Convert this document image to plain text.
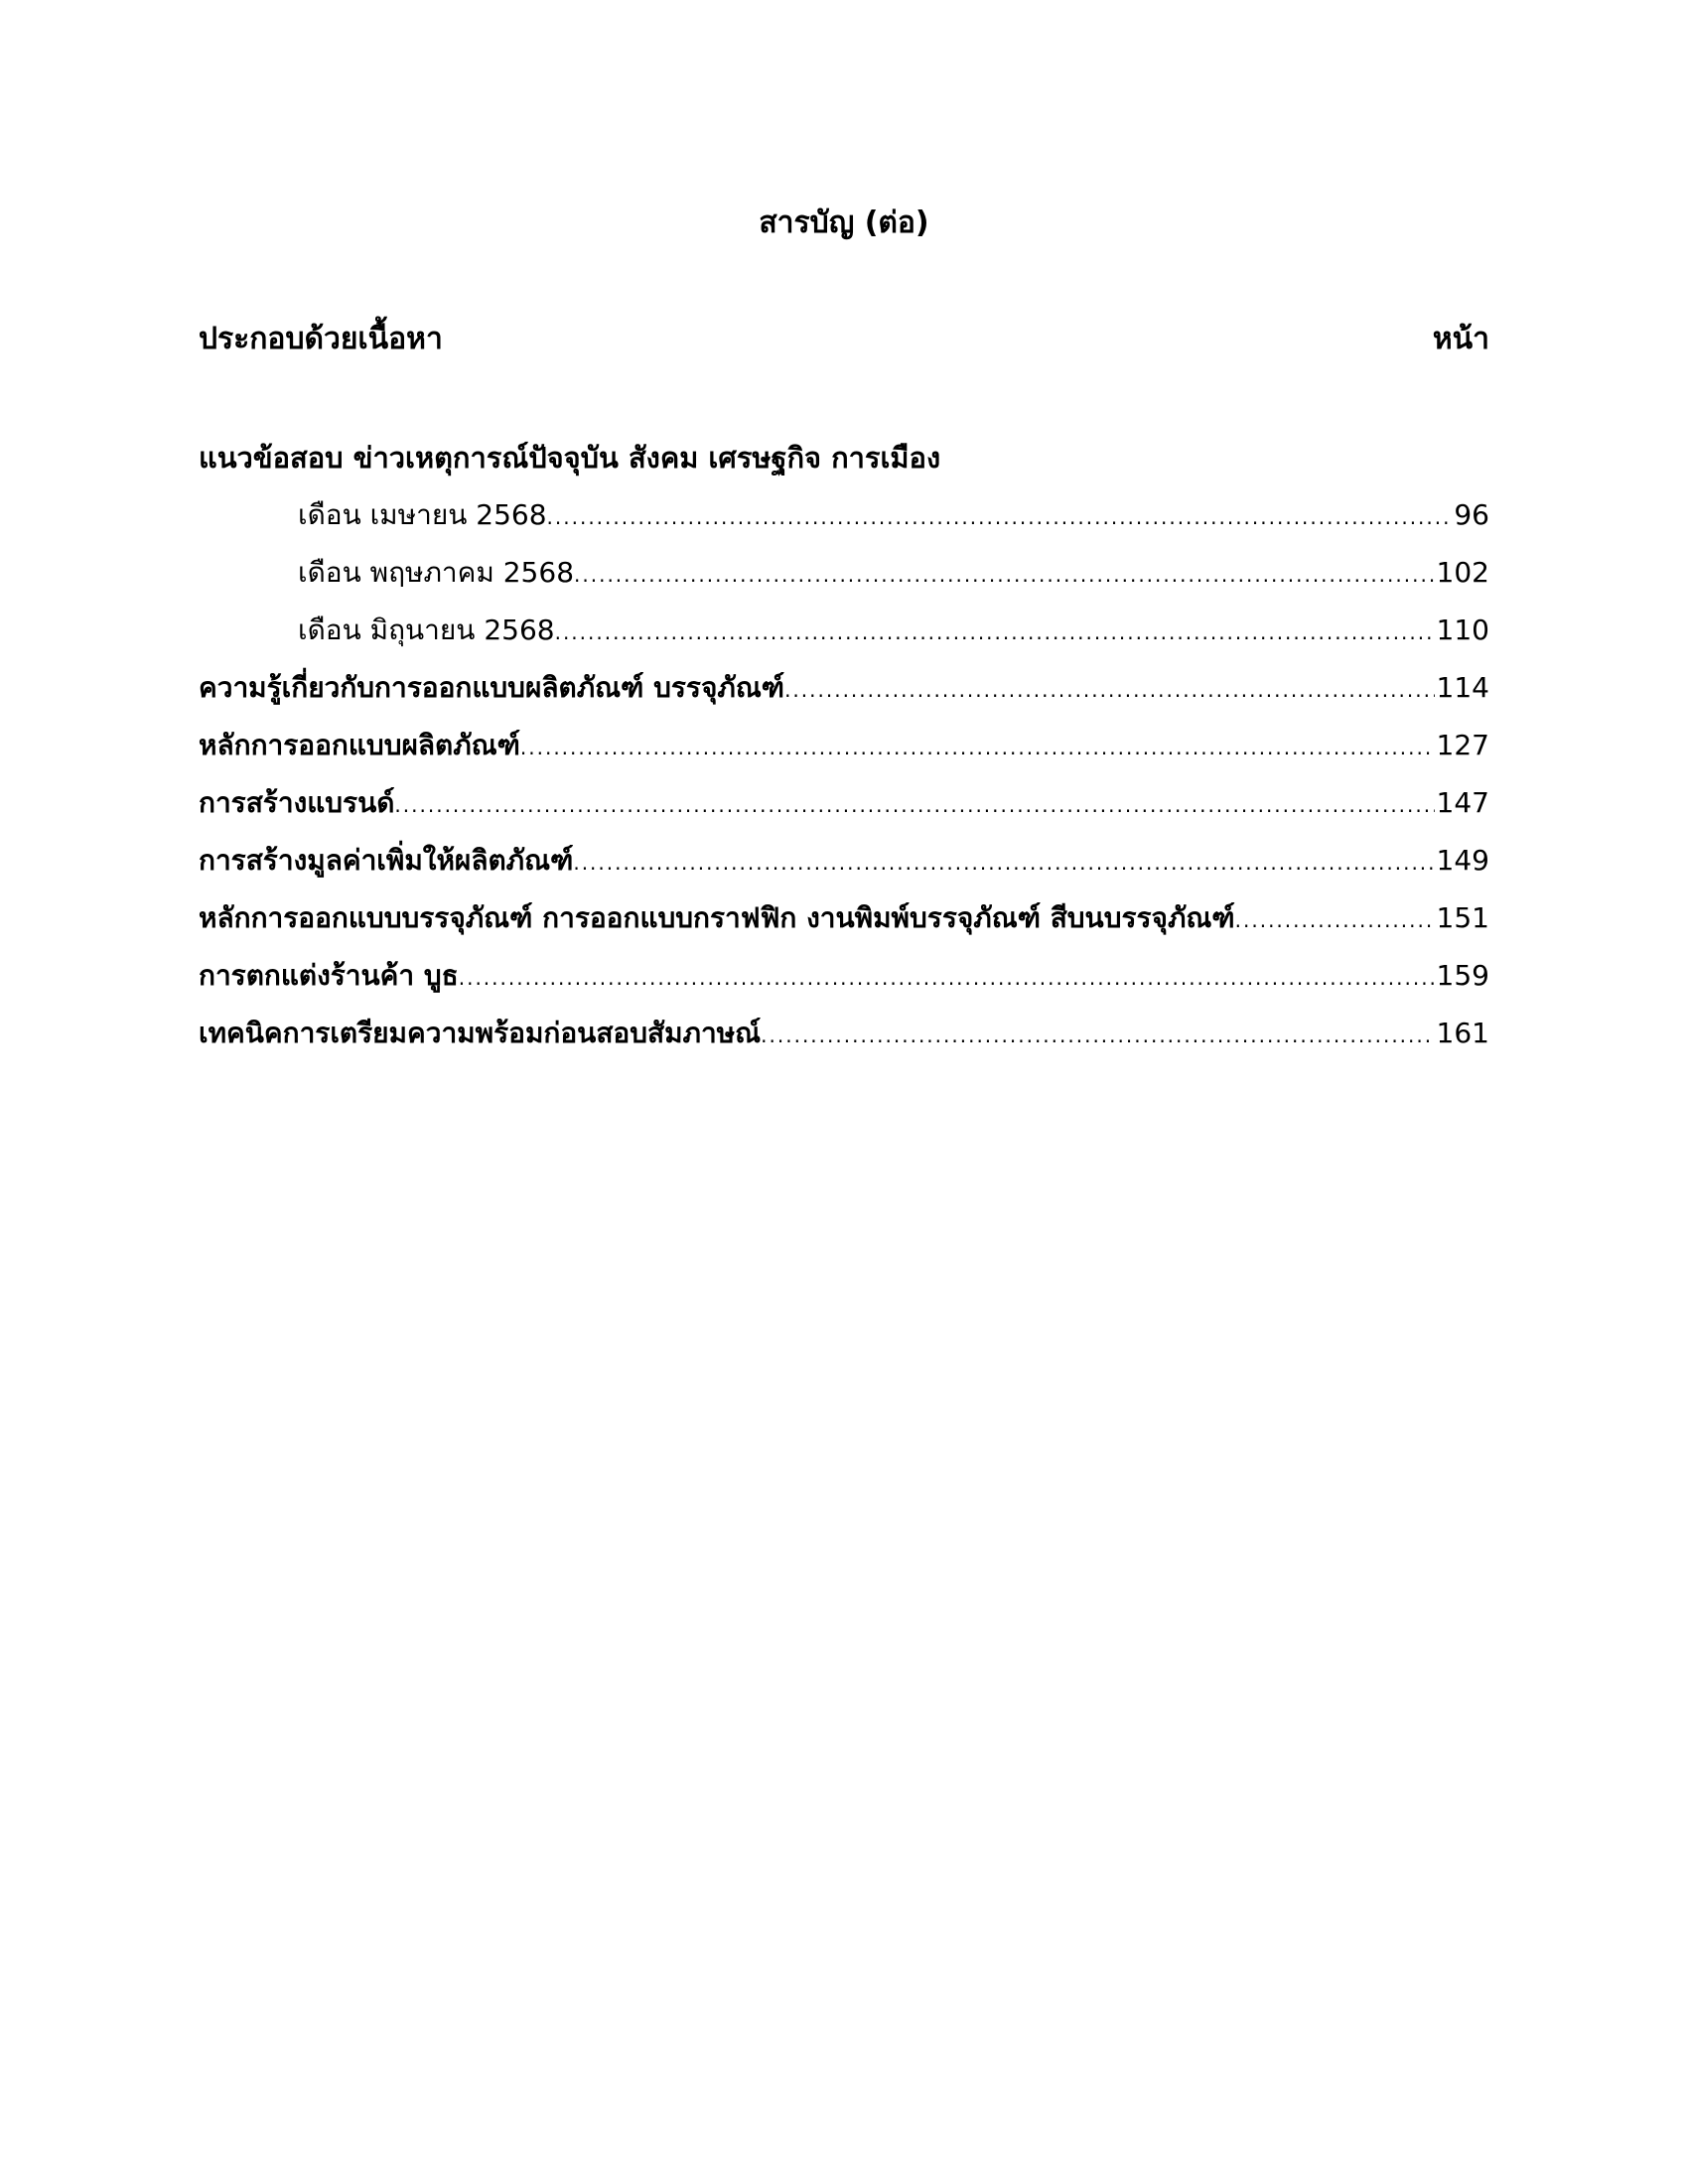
สารบัญ (ต่อ)
ประกอบด้วยเนื้อหา	หน้า
แนวข้อสอบ ข่าวเหตุการณ์ปัจจุบัน สังคม เศรษฐกิจ การเมือง
เดือน เมษายน 2568 .....	96
เดือน พฤษภาคม 2568 .....	102
เดือน มิถุนายน 2568 .....	110
ความรู้เกี่ยวกับการออกแบบผลิตภัณฑ์ บรรจุภัณฑ์ .....	114
หลักการออกแบบผลิตภัณฑ์ .....	127
การสร้างแบรนด์ .....	147
การสร้างมูลค่าเพิ่มให้ผลิตภัณฑ์ .....	149
หลักการออกแบบบรรจุภัณฑ์ การออกแบบกราฟฟิก งานพิมพ์บรรจุภัณฑ์ สีบนบรรจุภัณฑ์ .....	151
การตกแต่งร้านค้า บูธ .....	159
เทคนิคการเตรียมความพร้อมก่อนสอบสัมภาษณ์ .....	161
